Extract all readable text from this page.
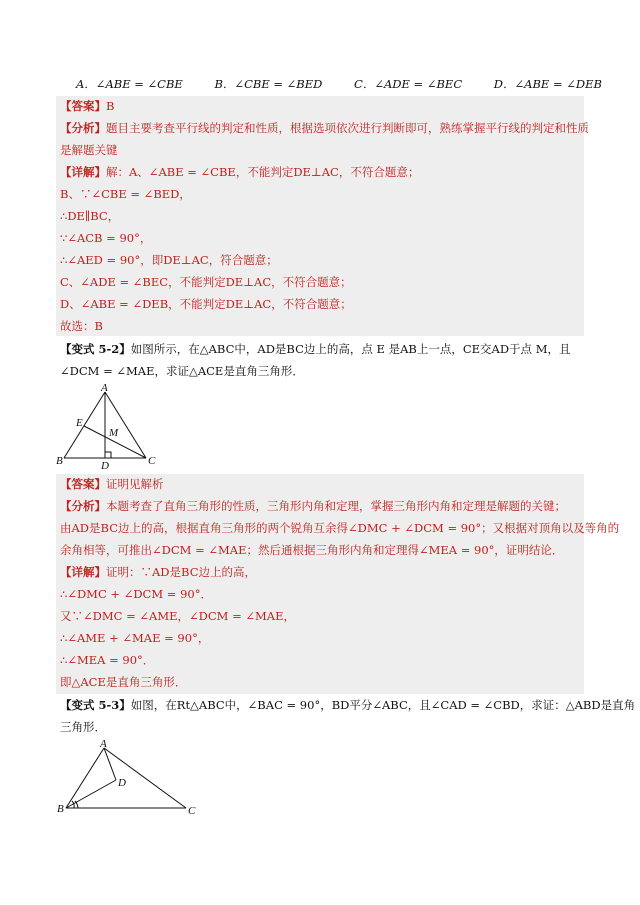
A．∠ABE = ∠CBE	B．∠CBE = ∠BED	C．∠ADE = ∠BEC	D．∠ABE = ∠DEB
【答案】B
【分析】题目主要考查平行线的判定和性质，根据选项依次进行判断即可，熟练掌握平行线的判定和性质
是解题关键
【详解】解：A、∠ABE = ∠CBE，不能判定DE⊥AC，不符合题意；
B、∵∠CBE = ∠BED，
∴DE∥BC，
∵∠ACB = 90°，
∴∠AED = 90°，即DE⊥AC，符合题意；
C、∠ADE = ∠BEC，不能判定DE⊥AC，不符合题意；
D、∠ABE = ∠DEB，不能判定DE⊥AC，不符合题意；
故选：B
【变式 5-2】如图所示，在△ABC中，AD是BC边上的高，点 E 是AB上一点，CE交AD于点 M，且
∠DCM = ∠MAE，求证△ACE是直角三角形．
A
B	C
D
E
M
【答案】证明见解析
【分析】本题考查了直角三角形的性质，三角形内角和定理，掌握三角形内角和定理是解题的关键；
由AD是BC边上的高，根据直角三角形的两个锐角互余得∠DMC + ∠DCM = 90°；又根据对顶角以及等角的
余角相等，可推出∠DCM = ∠MAE；然后通根据三角形内角和定理得∠MEA = 90°，证明结论．
【详解】证明：∵AD是BC边上的高，
∴∠DMC + ∠DCM = 90°．
又∵∠DMC = ∠AME，∠DCM = ∠MAE，
∴∠AME + ∠MAE = 90°，
∴∠MEA = 90°．
即△ACE是直角三角形．
【变式 5-3】如图，在Rt△ABC中，∠BAC = 90°，BD平分∠ABC，且∠CAD = ∠CBD，求证：△ABD是直角
三角形．
A
B	C
D
